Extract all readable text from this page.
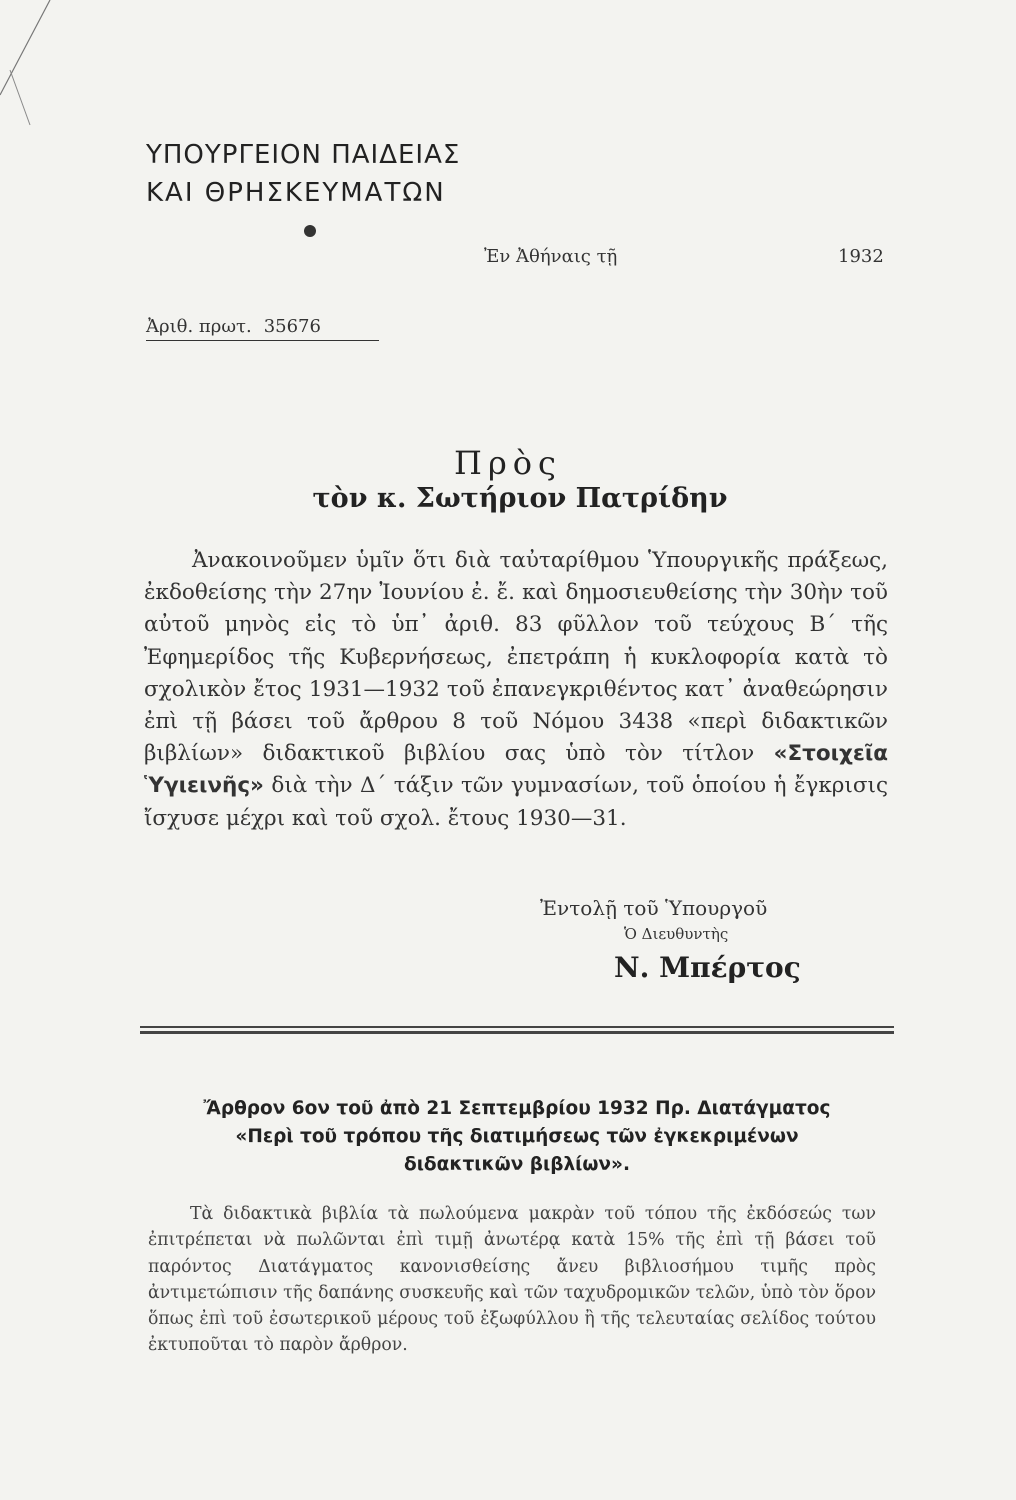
ΥΠΟΥΡΓΕΙΟΝ ΠΑΙΔΕΙΑΣ
ΚΑΙ ΘΡΗΣΚΕΥΜΑΤΩΝ
Ἐν Ἀθήναις τῇ	1932
Ἀριθ. πρωτ. 35676
Πρὸς
τὸν κ. Σωτήριον Πατρίδην
Ἀνακοινοῦμεν ὑμῖν ὅτι διὰ ταὐταρίθμου Ὑπουργικῆς πράξεως, ἐκδοθείσης τὴν 27ην Ἰουνίου ἐ. ἔ. καὶ δημοσιευθείσης τὴν 30ὴν τοῦ αὐτοῦ μηνὸς εἰς τὸ ὑπ᾽ ἀριθ. 83 φῦλλον τοῦ τεύχους Β΄ τῆς Ἐφημερίδος τῆς Κυβερνήσεως, ἐπετράπη ἡ κυκλοφορία κατὰ τὸ σχολικὸν ἔτος 1931—1932 τοῦ ἐπανεγκριθέντος κατ᾽ ἀναθεώρησιν ἐπὶ τῇ βάσει τοῦ ἄρθρου 8 τοῦ Νόμου 3438 «περὶ διδακτικῶν βιβλίων» διδακτικοῦ βιβλίου σας ὑπὸ τὸν τίτλον «Στοιχεῖα Ὑγιεινῆς» διὰ τὴν Δ΄ τάξιν τῶν γυμνασίων, τοῦ ὁποίου ἡ ἔγκρισις ἴσχυσε μέχρι καὶ τοῦ σχολ. ἔτους 1930—31.
Ἐντολῇ τοῦ Ὑπουργοῦ
Ὁ Διευθυντὴς
Ν. Μπέρτος
Ἄρθρον 6ον τοῦ ἀπὸ 21 Σεπτεμβρίου 1932 Πρ. Διατάγματος
«Περὶ τοῦ τρόπου τῆς διατιμήσεως τῶν ἐγκεκριμένων
διδακτικῶν βιβλίων».
Τὰ διδακτικὰ βιβλία τὰ πωλούμενα μακρὰν τοῦ τόπου τῆς ἐκδόσεώς των ἐπιτρέπεται νὰ πωλῶνται ἐπὶ τιμῇ ἀνωτέρᾳ κατὰ 15% τῆς ἐπὶ τῇ βάσει τοῦ παρόντος Διατάγματος κανονισθείσης ἄνευ βιβλιοσήμου τιμῆς πρὸς ἀντιμετώπισιν τῆς δαπάνης συσκευῆς καὶ τῶν ταχυδρομικῶν τελῶν, ὑπὸ τὸν ὅρον ὅπως ἐπὶ τοῦ ἐσωτερικοῦ μέρους τοῦ ἐξωφύλλου ἢ τῆς τελευταίας σελίδος τούτου ἐκτυποῦται τὸ παρὸν ἄρθρον.
